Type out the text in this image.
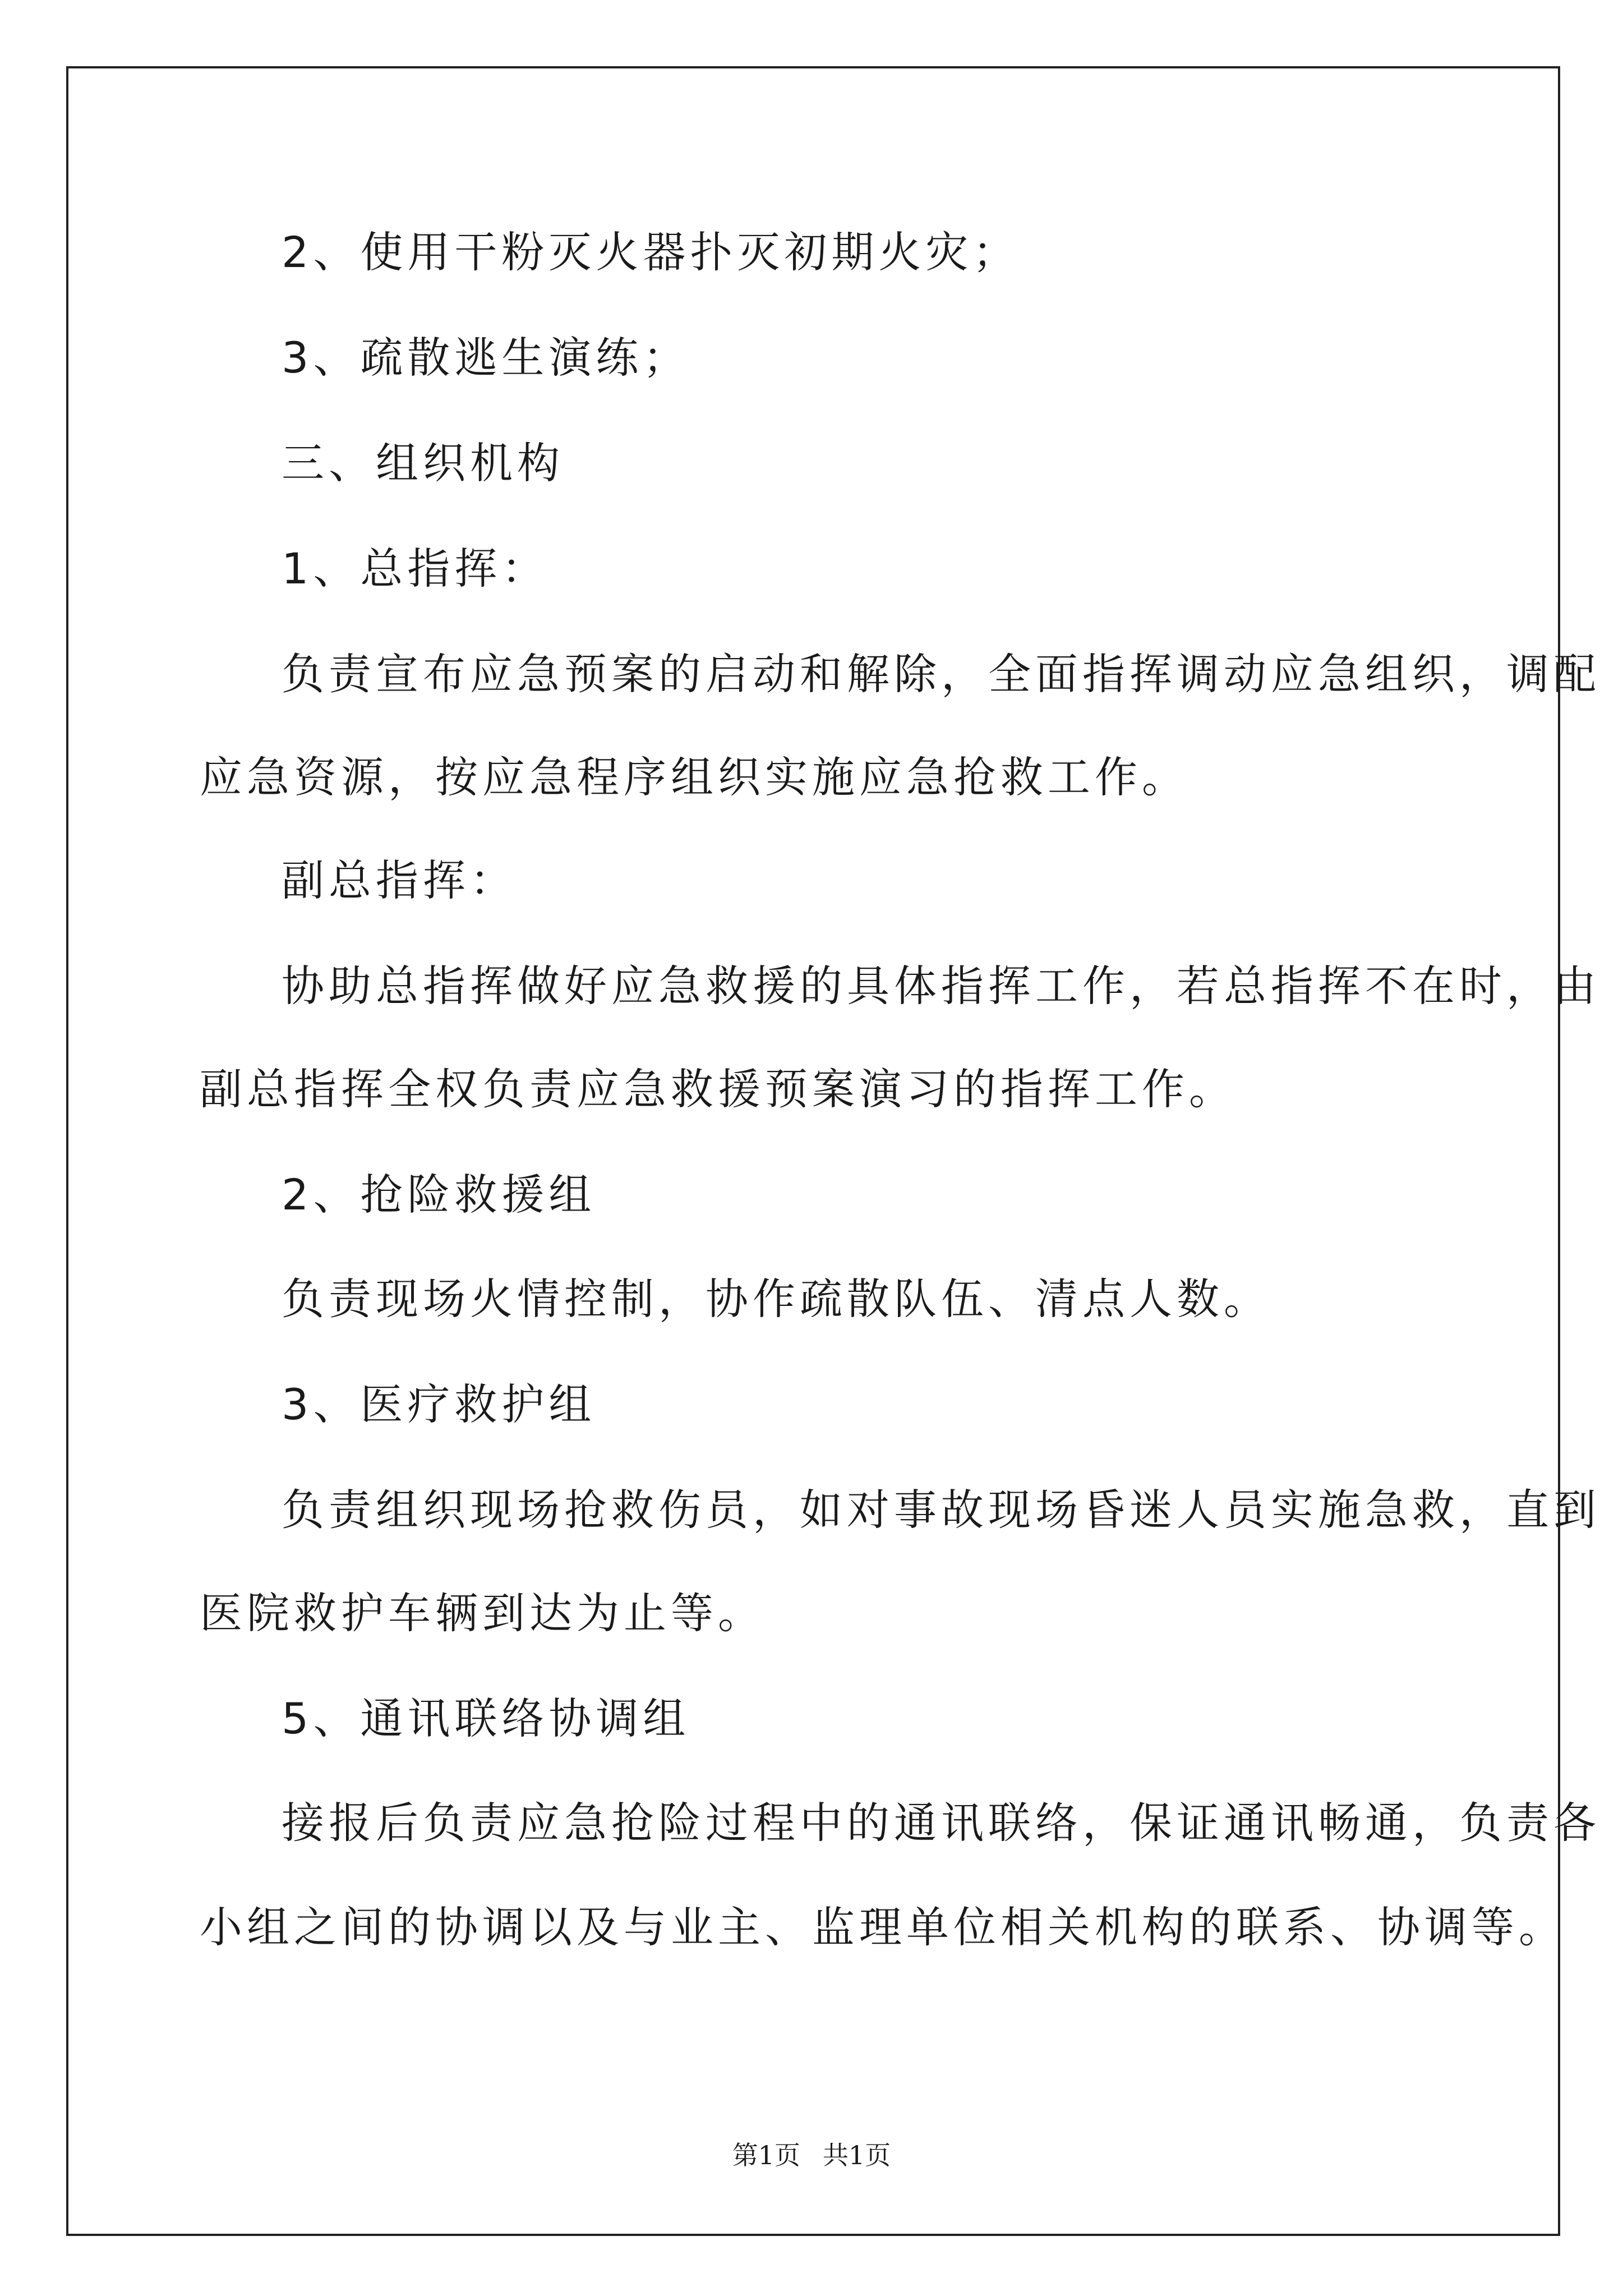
2、使用干粉灭火器扑灭初期火灾；
3、疏散逃生演练；
三、组织机构
1、总指挥：
负责宣布应急预案的启动和解除，全面指挥调动应急组织，调配
应急资源，按应急程序组织实施应急抢救工作。
副总指挥：
协助总指挥做好应急救援的具体指挥工作，若总指挥不在时，由
副总指挥全权负责应急救援预案演习的指挥工作。
2、抢险救援组
负责现场火情控制，协作疏散队伍、清点人数。
3、医疗救护组
负责组织现场抢救伤员，如对事故现场昏迷人员实施急救，直到
医院救护车辆到达为止等。
5、通讯联络协调组
接报后负责应急抢险过程中的通讯联络，保证通讯畅通，负责各
小组之间的协调以及与业主、监理单位相关机构的联系、协调等。
第1页 共1页
